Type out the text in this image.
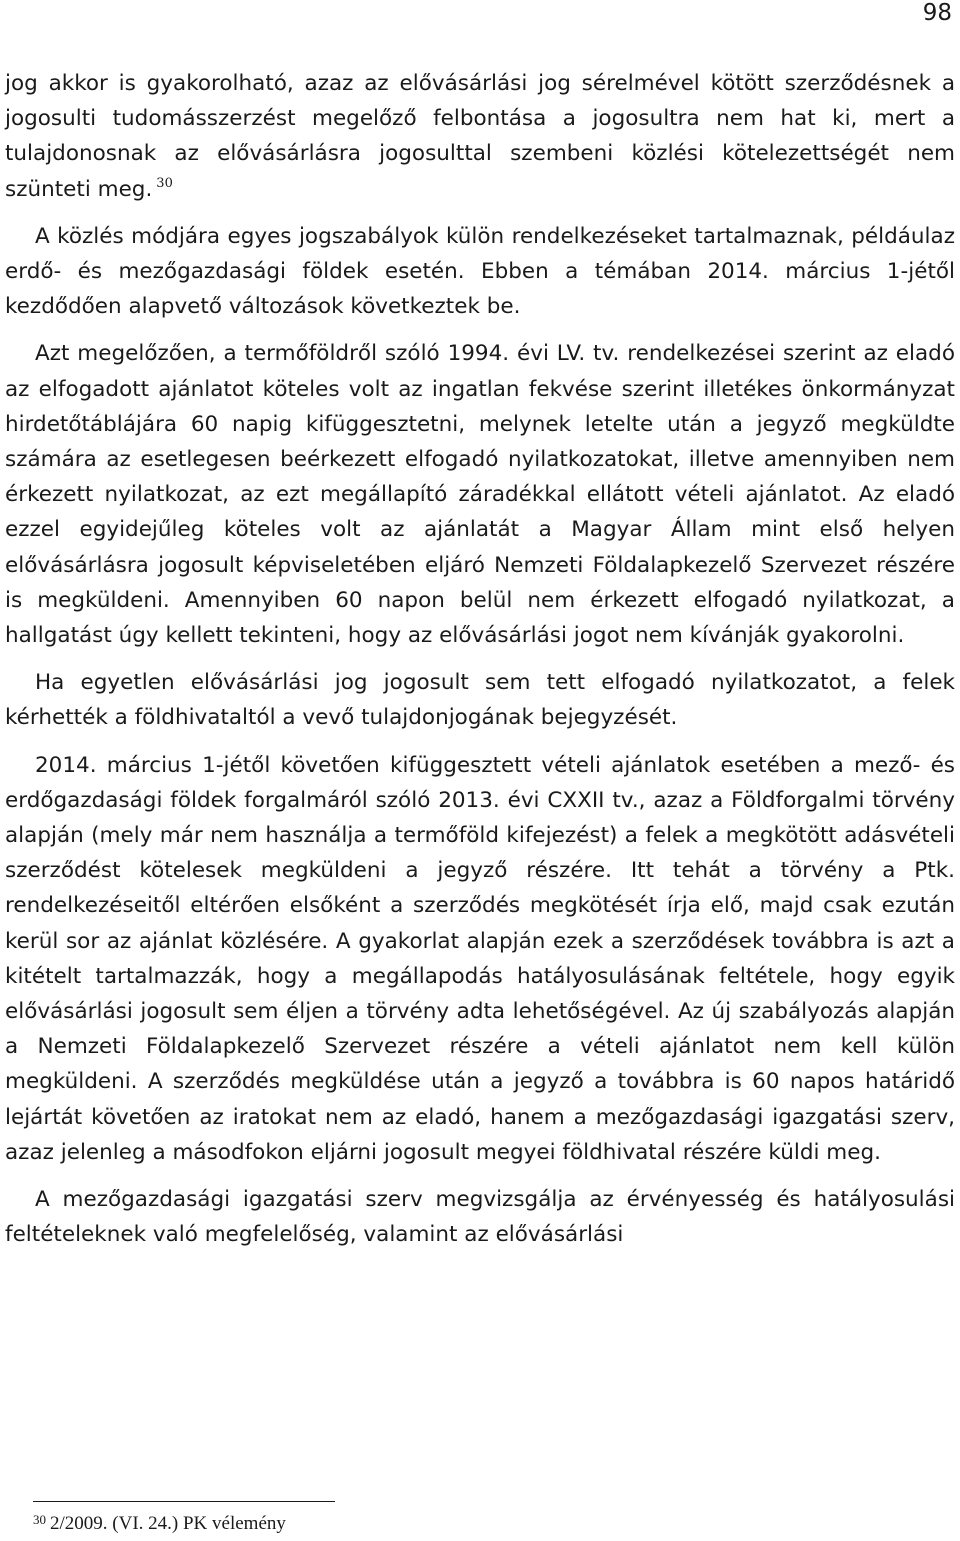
98

jog akkor is gyakorolható, azaz az elővásárlási jog sérelmével kötött szerződésnek a jogosulti tudomásszerzést megelőző felbontása a jogosultra nem hat ki, mert a tulajdonosnak az elővásárlásra jogosulttal szembeni közlési kötelezettségét nem szünteti meg. $^{30}$

A közlés módjára egyes jogszabályok külön rendelkezéseket tartalmaznak, példáulaz erdő- és mezőgazdasági földek esetén. Ebben a témában 2014. március 1-jétől kezdődően alapvető változások következtek be.

Azt megelőzően, a termőföldről szóló 1994. évi LV. tv. rendelkezései szerint az eladó az elfogadott ajánlatot köteles volt az ingatlan fekvése szerint illetékes önkormányzat hirdetőtáblájára 60 napig kifüggesztetni, melynek letelte után a jegyző megküldte számára az esetlegesen beérkezett elfogadó nyilatkozatokat, illetve amennyiben nem érkezett nyilatkozat, az ezt megállapító záradékkal ellátott vételi ajánlatot. Az eladó ezzel egyidejűleg köteles volt az ajánlatát a Magyar Állam mint első helyen elővásárlásra jogosult képviseletében eljáró Nemzeti Földalapkezelő Szervezet részére is megküldeni. Amennyiben 60 napon belül nem érkezett elfogadó nyilatkozat, a hallgatást úgy kellett tekinteni, hogy az elővásárlási jogot nem kívánják gyakorolni.

Ha egyetlen elővásárlási jog jogosult sem tett elfogadó nyilatkozatot, a felek kérhették a földhivataltól a vevő tulajdonjogának bejegyzését.

2014. március 1-jétől követően kifüggesztett vételi ajánlatok esetében a mező- és erdőgazdasági földek forgalmáról szóló 2013. évi CXXII tv., azaz a Földforgalmi törvény alapján (mely már nem használja a termőföld kifejezést) a felek a megkötött adásvételi szerződést kötelesek megküldeni a jegyző részére. Itt tehát a törvény a Ptk. rendelkezéseitől eltérően elsőként a szerződés megkötését írja elő, majd csak ezután kerül sor az ajánlat közlésére. A gyakorlat alapján ezek a szerződések továbbra is azt a kitételt tartalmazzák, hogy a megállapodás hatályosulásának feltétele, hogy egyik elővásárlási jogosult sem éljen a törvény adta lehetőségével. Az új szabályozás alapján a Nemzeti Földalapkezelő Szervezet részére a vételi ajánlatot nem kell külön megküldeni. A szerződés megküldése után a jegyző a továbbra is 60 napos határidő lejártát követően az iratokat nem az eladó, hanem a mezőgazdasági igazgatási szerv, azaz jelenleg a másodfokon eljárni jogosult megyei földhivatal részére küldi meg.

A mezőgazdasági igazgatási szerv megvizsgálja az érvényesség és hatályosulási feltételeknek való megfelelőség, valamint az elővásárlási

$^{30}$ 2/2009. (VI. 24.) PK vélemény
